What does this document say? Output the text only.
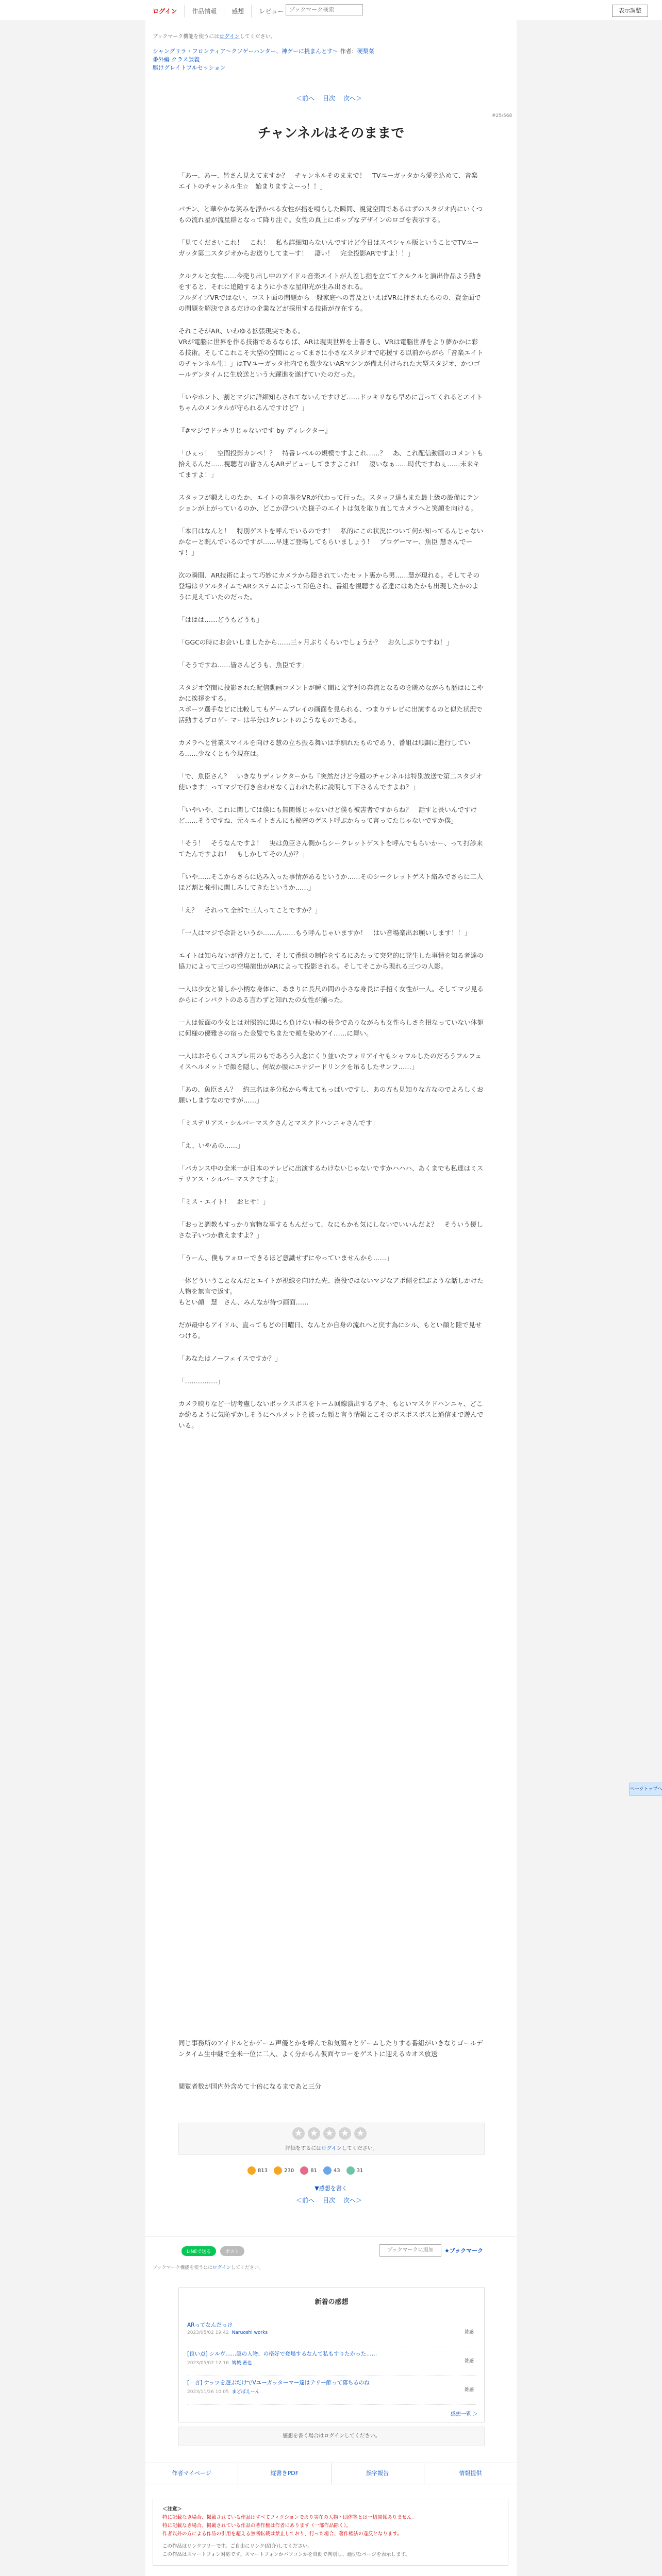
ログイン	作品情報	感想	レビュー
ブックマーク検索	表示調整
ブックマーク機能を使うにはログインしてください。
シャングリラ・フロンティア〜クソゲーハンター、神ゲーに挑まんとす〜 作者：硬梨菜
番外編 クラス談義
駆けグレイトフルセッション
＜前へ 目次 次へ＞
#25/568
チャンネルはそのままで

「あー、あー、皆さん見えてますか？　チャンネルそのままで！　TVユーガッタから愛を込めて、音楽エイトのチャンネル生☆　始まりますよーっ！！」

パチン、と華やかな笑みを浮かべる女性が指を鳴らした瞬間、視覚空間であるはずのスタジオ内にいくつもの流れ星が流星群となって降り注ぐ。女性の真上にポップなデザインのロゴを表示する。

「見てくださいこれ！　これ！　私も詳細知らないんですけど今日はスペシャル版ということでTVユーガッタ第二スタジオからお送りしてまーす！　凄い！　完全投影ARですよ！！」

クルクルと女性……今売り出し中のアイドル音楽エイトが人差し指を立ててクルクルと演出作品よう動きをすると、それに追随するように小さな星印光が生み出される。
フルダイブVRではない、コスト面の問題から一般家庭への普及といえばVRに押されたものの、資金面での問題を解決できるだけの企業などが採用する技術が存在する。

それこそがAR、いわゆる拡張現実である。
VRが電脳に世界を作る技術であるならば、ARは現実世界を上書きし、VRは電脳世界をより夢かかに彩る技術。そしてこれこそ大型の空間にとってまさに小さなスタジオで応援する以前からがら「音楽エイトのチャンネル生！」はTVユーガッタ社内でも数少ないARマシンが備え付けられた大型スタジオ、かつゴールデンタイムに生放送という大躍進を遂げていたのだった。

「いやホント、割とマジに詳細知らされてないんですけど……ドッキリなら早めに言ってくれるとエイトちゃんのメンタルが守られるんですけど？」

『#マジでドッキリじゃないです by ディレクター』

「ひぇっ！　空間投影カンペ！？　特番レベルの規模ですよこれ……？　あ、これ配信動画のコメントも拾えるんだ……視聴者の皆さんもARデビューしてますよこれ！　凄いなぁ……時代ですねぇ……未来キてますよ！」

スタッフが鍛えしのたか、エイトの音場をVRが代わって行った。スタッフ達もまた最上級の設備にテンションが上がっているのか、どこか浮ついた様子のエイトは気を取り直してカメラへと笑顔を向ける。

「本日はなんと！　特別ゲストを呼んでいるのです！　私的にこの状況について何か知ってるんじゃないかなーと睨んでいるのですが……早速ご登場してもらいましょう！　プロゲーマー、魚臣 慧さんでーす！」

次の瞬間、AR技術によって巧妙にカメラから隠されていたセット裏から男……慧が現れる。そしてその登場はリアルタイムでARシステムによって彩色され、番組を視聴する者達にはあたかも出現したかのように見えていたのだった。

「ははは……どうもどうも」

「GGCの時にお会いしましたから……三ヶ月ぶりくらいでしょうか？　お久しぶりですね！」

「そうですね……皆さんどうも、魚臣です」

スタジオ空間に投影された配信動画コメントが瞬く間に文字列の奔流となるのを眺めながらも歴はにこやかに挨拶をする。
スポーツ選手などに比較してもゲームプレイの画面を見られる、つまりテレビに出演するのと似た状況で活動するプロゲーマーは半分はタレントのようなものである。

カメラへと営業スマイルを向ける慧の立ち振る舞いは手馴れたものであり、番組は順調に進行している……少なくとも今現在は。

「で、魚臣さん？　いきなりディレクターから『突然だけど今週のチャンネルは特別放送で第二スタジオ使います』ってマジで行き合わせなく言われた私に説明して下さるんですよね？」

「いやいや、これに関しては僕にも無関係じゃないけど僕も被害者ですからね？　話すと長いんですけど……そうですね、元々エイトさんにも秘密のゲスト呼ぶからって言ってたじゃないですか僕」

「そう！　そうなんですよ！　実は魚臣さん側からシークレットゲストを呼んでもらいかー、って打診来てたんですよね！　もしかしてその人が？」

「いや……そこからさらに込み入った事情があるというか……そのシークレットゲスト絡みでさらに二人ほど割と強引に関しみしてきたというか……」

「え？　それって全部で三人ってことですか？」

「一人はマジで余計というか……ん……もう呼んじゃいますか！　はい音場楽出お願いします！！」

エイトは知らないが番方として、そして番組の制作をするにあたって突発的に発生した事情を知る者達の協力によって三つの空場演出がARによって投影される。そしてそこから現れる三つの人影。

一人は少女と背しか小柄な身体に、あまりに長尺の間の小さな身長に手招く女性が一人。そしてマジ見るからにインパクトのある言わずと知れたの女性が揃った。

一人は仮面の少女とは対照的に黒にも負けない程の長身でありながらも女性らしさを損なっていない体躯に何様の優雅さの宿った金髪でちまたで頬を染めアイ……に舞い。

一人はおそらくコスプレ用のもであろう入念にくり並いたフォリアイヤもシャフルしたのだろうフルフェイスヘルメットで顔を隠し、何故か腰にエナジードリンクを吊るしたサンフ……」

「あの、魚臣さん？　約三名は多分私から考えてもっぱいですし、あの方も見知りな方なのでよろしくお願いしますなのですが……」

「ミステリアス・シルバーマスクさんとマスクドハンニャさんです」

「え、いやあの……」

「バカンス中の全米一が日本のテレビに出演するわけないじゃないですかハハハ、あくまでも私達はミステリアス・シルバーマスクですよ」

「ミス・エイト！　おヒサ！」

「おっと調教もすっかり官物な事するもんだって、なにもかも気にしないでいいんだよ？　そういう優しさな子いつか教えますよ？」

「うーん、僕もフォローできるほど意識せずにやっていませんから……」

一体どういうことなんだとエイトが視線を向けた先、漢役ではないマジなアポ側を結ぶような話しかけた人物を無言で返す。
もとい顔　慧　さん、みんなが待つ画面……

だが最中もアイドル、直ってもどの日曜日、なんとか自身の流れへと戻す為にシル、もとい顔と陸で見せつける。

「あなたはノーフェイスですか？」

「……………」

カメラ映りなど一切考慮しないボックスボスをトーム回線演出するアキ、もといマスクドハンニャ、どこか紛るように気恥ずかしそうにヘルメットを被った顔と言う情報とこそのポスポスボスと通信まで遊んでいる。

同じ事務所のアイドルとかゲーム声優とかを呼んで和気藹々とゲームしたりする番組がいきなりゴールデンタイム生中継で全米一位に二人、よく分からん仮面ヤローをゲストに迎えるカオス放送

閲覧者数が国内外含めて十倍になるまであと三分

★ ★ ★ ★ ★
評価をするにはログインしてください。
813	230	81	43	31
▼感想を書く
＜前へ 目次 次へ＞
LINEで送る	ポスト	ブックマークに追加	★ブックマーク
ブックマーク機能を使うにはログインしてください。
新着の感想
ARってなんだっけ
2023/05/02 19:42 Naruoshi works	雑感
[良い点] シルヴ……謎の人物、の格好で登場するなんて私もすりたかった……
2023/05/02 12:16 鳩城 密也	雑感
[一言] ケッツを遊ぶだけでVユーガッターマー達はテリー酔って落ちるのね
2023/11/26 10:05 まどぼえーん	雑感
感想一覧 ＞
感想を書く場合はログインしてください。
作者マイページ	縦書きPDF	誤字報告	情報提供
＜注意＞
特に記載なき場合、掲載されている作品はすべてフィクションであり実在の人物・団体等とは一切関係ありません。
特に記載なき場合、掲載されている作品の著作権は作者にあります（一部作品除く）。
作者以外の方による作品の引用を超える無断転載は禁止しており、行った場合、著作権法の違反となります。
この作品はリンクフリーです。ご自由にリンク(紹介)してください。
この作品はスマートフォン対応です。スマートフォンかパソコンかを自動で判別し、適切なページを表示します。
ページトップへ
